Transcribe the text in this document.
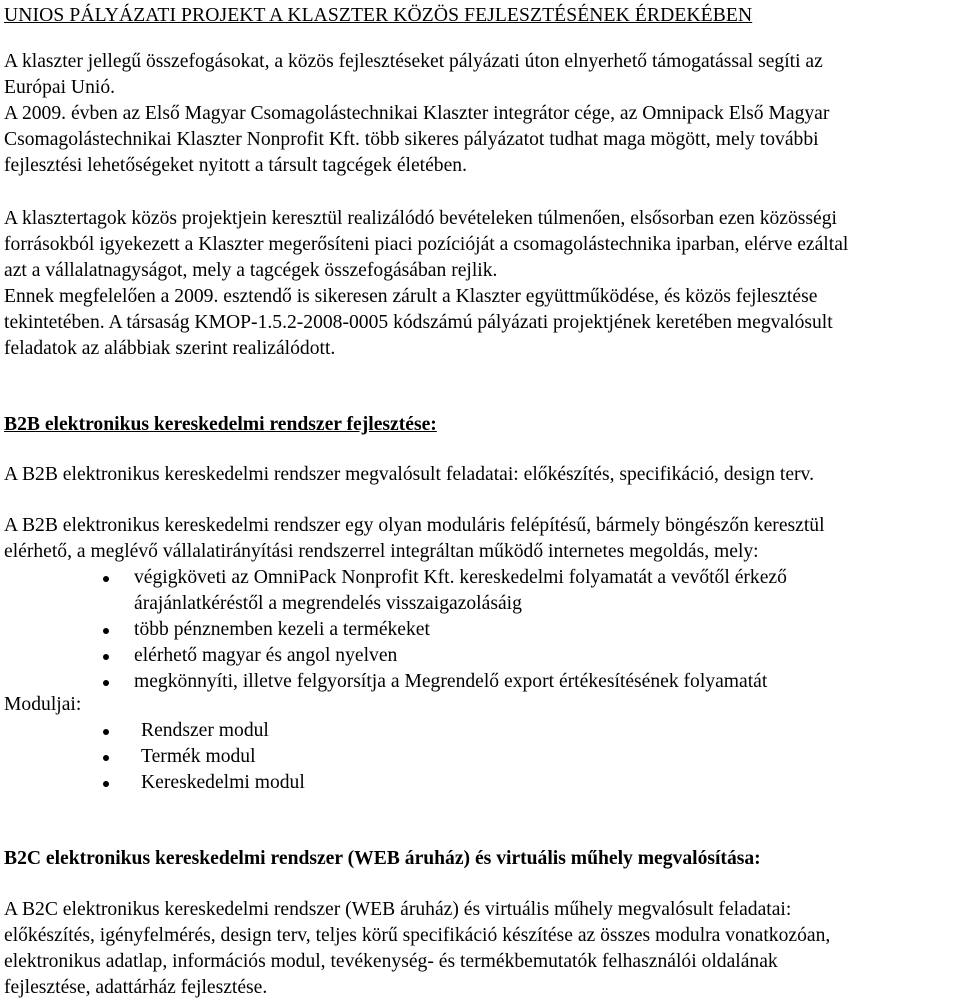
UNIOS PÁLYÁZATI PROJEKT A KLASZTER KÖZÖS FEJLESZTÉSÉNEK ÉRDEKÉBEN
A klaszter jellegű összefogásokat, a közös fejlesztéseket pályázati úton elnyerhető támogatással segíti az
Európai Unió.
A 2009. évben az Első Magyar Csomagolástechnikai Klaszter integrátor cége, az Omnipack Első Magyar
Csomagolástechnikai Klaszter Nonprofit Kft. több sikeres pályázatot tudhat maga mögött, mely további
fejlesztési lehetőségeket nyitott a társult tagcégek életében.
A klasztertagok közös projektjein keresztül realizálódó bevételeken túlmenően, elsősorban ezen közösségi
forrásokból igyekezett a Klaszter megerősíteni piaci pozícióját a csomagolástechnika iparban, elérve ezáltal
azt a vállalatnagyságot, mely a tagcégek összefogásában rejlik.
Ennek megfelelően a 2009. esztendő is sikeresen zárult a Klaszter együttműködése, és közös fejlesztése
tekintetében. A társaság KMOP-1.5.2-2008-0005 kódszámú pályázati projektjének keretében megvalósult
feladatok az alábbiak szerint realizálódott.
B2B elektronikus kereskedelmi rendszer fejlesztése:
A B2B elektronikus kereskedelmi rendszer megvalósult feladatai: előkészítés, specifikáció, design terv.
A B2B elektronikus kereskedelmi rendszer egy olyan moduláris felépítésű, bármely böngészőn keresztül
elérhető, a meglévő vállalatirányítási rendszerrel integráltan működő internetes megoldás, mely:
végigköveti az OmniPack Nonprofit Kft. kereskedelmi folyamatát a vevőtől érkező
árajánlatkéréstől a megrendelés visszaigazolásáig
több pénznemben kezeli a termékeket
elérhető magyar és angol nyelven
megkönnyíti, illetve felgyorsítja a Megrendelő export értékesítésének folyamatát
Moduljai:
Rendszer modul
Termék modul
Kereskedelmi modul
B2C elektronikus kereskedelmi rendszer (WEB áruház) és virtuális műhely megvalósítása:
A B2C elektronikus kereskedelmi rendszer (WEB áruház) és virtuális műhely megvalósult feladatai:
előkészítés, igényfelmérés, design terv, teljes körű specifikáció készítése az összes modulra vonatkozóan,
elektronikus adatlap, információs modul, tevékenység- és termékbemutatók felhasználói oldalának
fejlesztése, adattárház fejlesztése.
